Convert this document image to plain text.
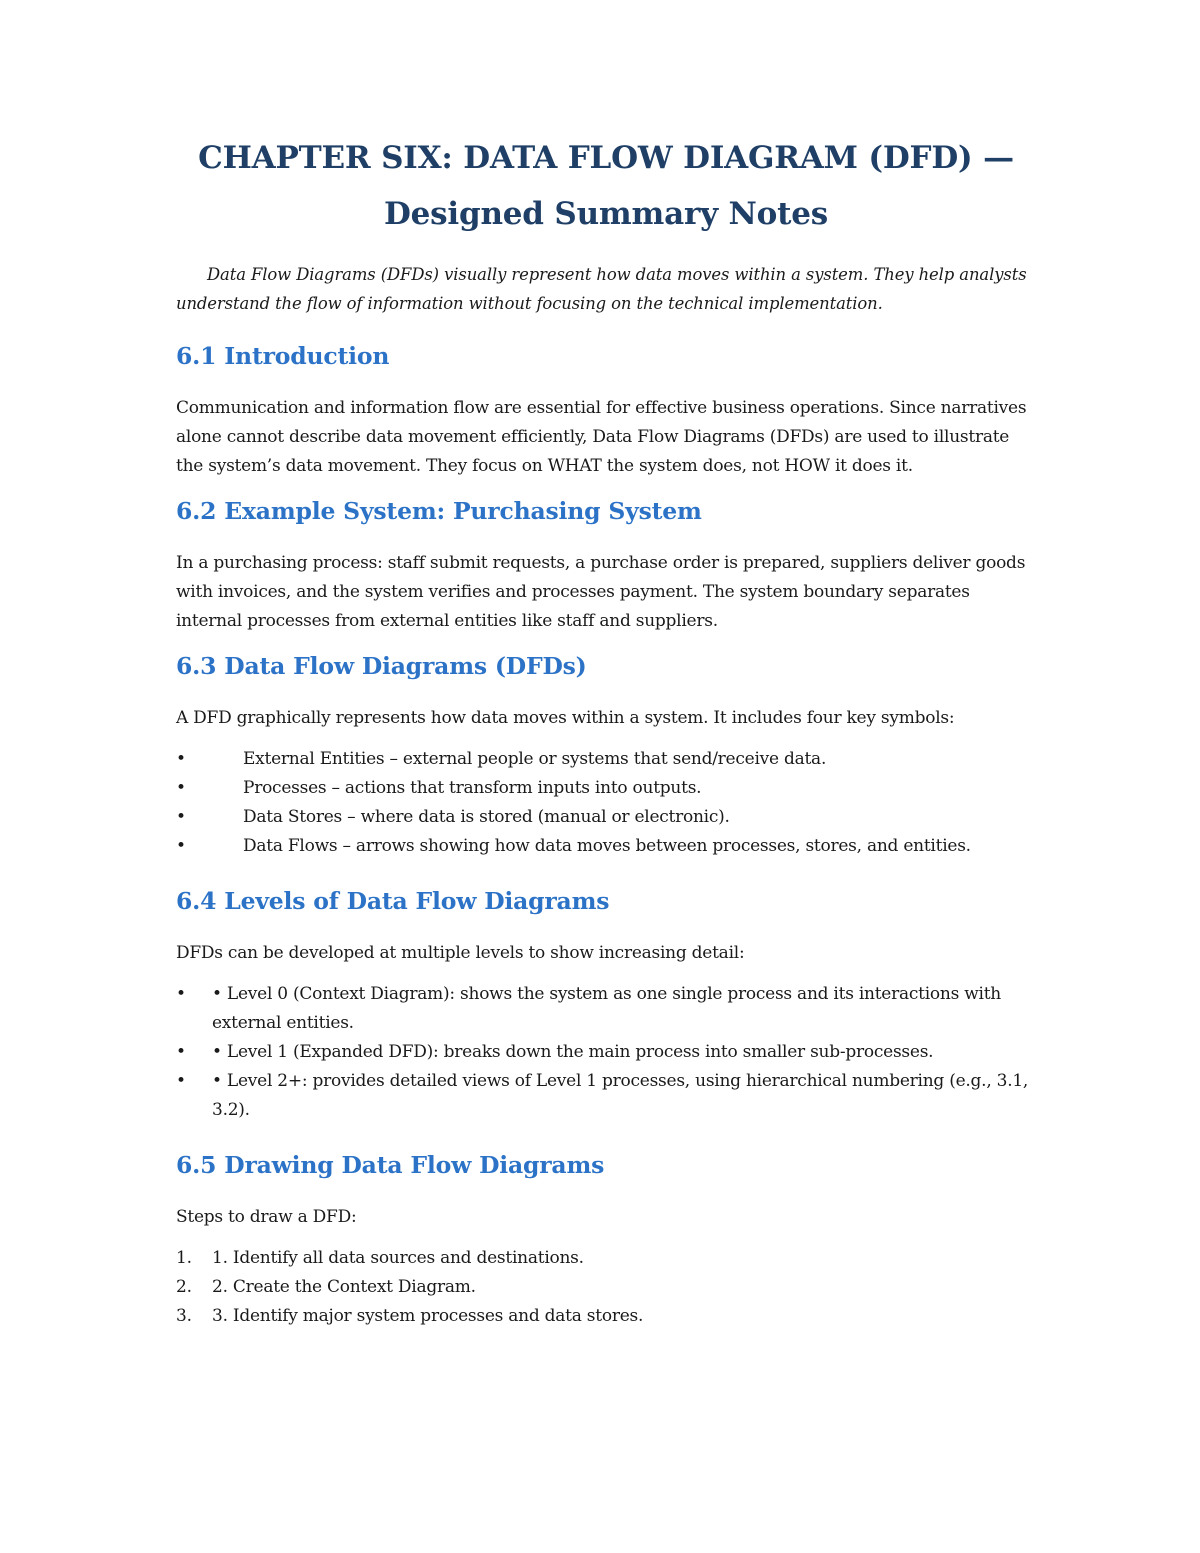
CHAPTER SIX: DATA FLOW DIAGRAM (DFD) —
Designed Summary Notes

Data Flow Diagrams (DFDs) visually represent how data moves within a system. They help analysts understand the flow of information without focusing on the technical implementation.

6.1 Introduction

Communication and information flow are essential for effective business operations. Since narratives alone cannot describe data movement efficiently, Data Flow Diagrams (DFDs) are used to illustrate the system’s data movement. They focus on WHAT the system does, not HOW it does it.

6.2 Example System: Purchasing System

In a purchasing process: staff submit requests, a purchase order is prepared, suppliers deliver goods with invoices, and the system verifies and processes payment. The system boundary separates internal processes from external entities like staff and suppliers.

6.3 Data Flow Diagrams (DFDs)

A DFD graphically represents how data moves within a system. It includes four key symbols:

•	External Entities – external people or systems that send/receive data.
•	Processes – actions that transform inputs into outputs.
•	Data Stores – where data is stored (manual or electronic).
•	Data Flows – arrows showing how data moves between processes, stores, and entities.
6.4 Levels of Data Flow Diagrams

DFDs can be developed at multiple levels to show increasing detail:

• • Level 0 (Context Diagram): shows the system as one single process and its interactions with external entities.
• • Level 1 (Expanded DFD): breaks down the main process into smaller sub-processes.
• • Level 2+: provides detailed views of Level 1 processes, using hierarchical numbering (e.g., 3.1, 3.2).
6.5 Drawing Data Flow Diagrams

Steps to draw a DFD:

1. 1. Identify all data sources and destinations.
2. 2. Create the Context Diagram.
3. 3. Identify major system processes and data stores.
